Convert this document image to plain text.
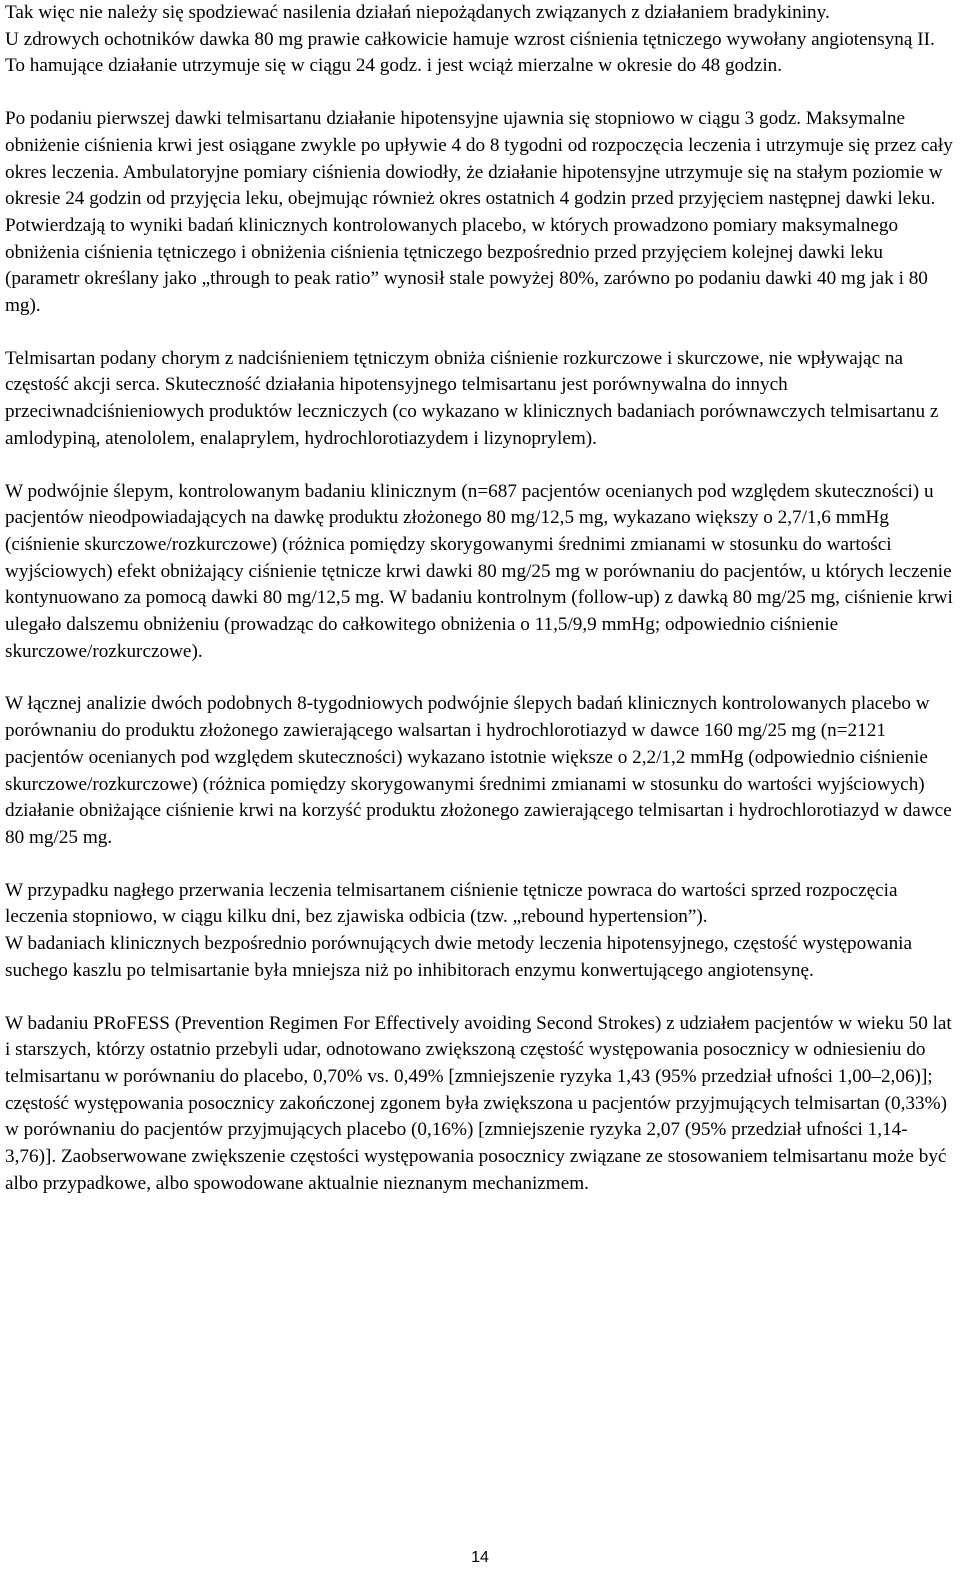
Tak więc nie należy się spodziewać nasilenia działań niepożądanych związanych z działaniem bradykininy.

U zdrowych ochotników dawka 80 mg prawie całkowicie hamuje wzrost ciśnienia tętniczego wywołany angiotensyną II. To hamujące działanie utrzymuje się w ciągu 24 godz. i jest wciąż mierzalne w okresie do 48 godzin.

Po podaniu pierwszej dawki telmisartanu działanie hipotensyjne ujawnia się stopniowo w ciągu 3 godz. Maksymalne obniżenie ciśnienia krwi jest osiągane zwykle po upływie 4 do 8 tygodni od rozpoczęcia leczenia i utrzymuje się przez cały okres leczenia. Ambulatoryjne pomiary ciśnienia dowiodły, że działanie hipotensyjne utrzymuje się na stałym poziomie w okresie 24 godzin od przyjęcia leku, obejmując również okres ostatnich 4 godzin przed przyjęciem następnej dawki leku. Potwierdzają to wyniki badań klinicznych kontrolowanych placebo, w których prowadzono pomiary maksymalnego obniżenia ciśnienia tętniczego i obniżenia ciśnienia tętniczego bezpośrednio przed przyjęciem kolejnej dawki leku (parametr określany jako „through to peak ratio” wynosił stale powyżej 80%, zarówno po podaniu dawki 40 mg jak i 80 mg).

Telmisartan podany chorym z nadciśnieniem tętniczym obniża ciśnienie rozkurczowe i skurczowe, nie wpływając na częstość akcji serca. Skuteczność działania hipotensyjnego telmisartanu jest porównywalna do innych przeciwnadciśnieniowych produktów leczniczych (co wykazano w klinicznych badaniach porównawczych telmisartanu z amlodypiną, atenololem, enalaprylem, hydrochlorotiazydem i lizynoprylem).

W podwójnie ślepym, kontrolowanym badaniu klinicznym (n=687 pacjentów ocenianych pod względem skuteczności) u pacjentów nieodpowiadających na dawkę produktu złożonego 80 mg/12,5 mg, wykazano większy o 2,7/1,6 mmHg (ciśnienie skurczowe/rozkurczowe) (różnica pomiędzy skorygowanymi średnimi zmianami w stosunku do wartości wyjściowych) efekt obniżający ciśnienie tętnicze krwi dawki 80 mg/25 mg w porównaniu do pacjentów, u których leczenie kontynuowano za pomocą dawki 80 mg/12,5 mg. W badaniu kontrolnym (follow-up) z dawką 80 mg/25 mg, ciśnienie krwi ulegało dalszemu obniżeniu (prowadząc do całkowitego obniżenia o 11,5/9,9 mmHg; odpowiednio ciśnienie skurczowe/rozkurczowe).

W łącznej analizie dwóch podobnych 8-tygodniowych podwójnie ślepych badań klinicznych kontrolowanych placebo w porównaniu do produktu złożonego zawierającego walsartan i hydrochlorotiazyd w dawce 160 mg/25 mg (n=2121 pacjentów ocenianych pod względem skuteczności) wykazano istotnie większe o 2,2/1,2 mmHg (odpowiednio ciśnienie skurczowe/rozkurczowe) (różnica pomiędzy skorygowanymi średnimi zmianami w stosunku do wartości wyjściowych) działanie obniżające ciśnienie krwi na korzyść produktu złożonego zawierającego telmisartan i hydrochlorotiazyd w dawce 80 mg/25 mg.

W przypadku nagłego przerwania leczenia telmisartanem ciśnienie tętnicze powraca do wartości sprzed rozpoczęcia leczenia stopniowo, w ciągu kilku dni, bez zjawiska odbicia (tzw. „rebound hypertension”).

W badaniach klinicznych bezpośrednio porównujących dwie metody leczenia hipotensyjnego, częstość występowania suchego kaszlu po telmisartanie była mniejsza niż po inhibitorach enzymu konwertującego angiotensynę.

W badaniu PRoFESS (Prevention Regimen For Effectively avoiding Second Strokes) z udziałem pacjentów w wieku 50 lat i starszych, którzy ostatnio przebyli udar, odnotowano zwiększoną częstość występowania posocznicy w odniesieniu do telmisartanu w porównaniu do placebo, 0,70% vs. 0,49% [zmniejszenie ryzyka 1,43 (95% przedział ufności 1,00–2,06)]; częstość występowania posocznicy zakończonej zgonem była zwiększona u pacjentów przyjmujących telmisartan (0,33%) w porównaniu do pacjentów przyjmujących placebo (0,16%) [zmniejszenie ryzyka 2,07 (95% przedział ufności 1,14-3,76)]. Zaobserwowane zwiększenie częstości występowania posocznicy związane ze stosowaniem telmisartanu może być albo przypadkowe, albo spowodowane aktualnie nieznanym mechanizmem.

14
